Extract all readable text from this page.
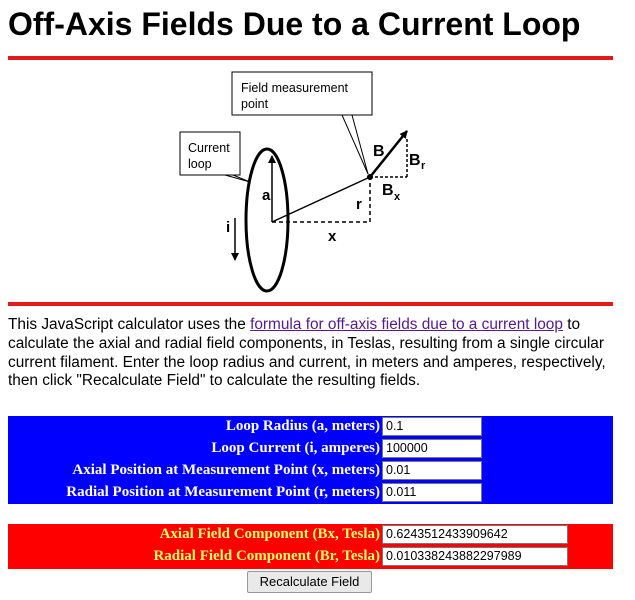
Off-Axis Fields Due to a Current Loop
Field measurement
point
Current
loop
a
i
x
r
B
B r
B x

This JavaScript calculator uses the formula for off-axis fields due to a current loop to calculate the axial and radial field components, in Teslas, resulting from a single circular current filament. Enter the loop radius and current, in meters and amperes, respectively, then click "Recalculate Field" to calculate the resulting fields.

Loop Radius (a, meters) 0.1
Loop Current (i, amperes) 100000
Axial Position at Measurement Point (x, meters) 0.01
Radial Position at Measurement Point (r, meters) 0.011
Axial Field Component (Bx, Tesla) 0.6243512433909642
Radial Field Component (Br, Tesla) 0.010338243882297989
Recalculate Field
